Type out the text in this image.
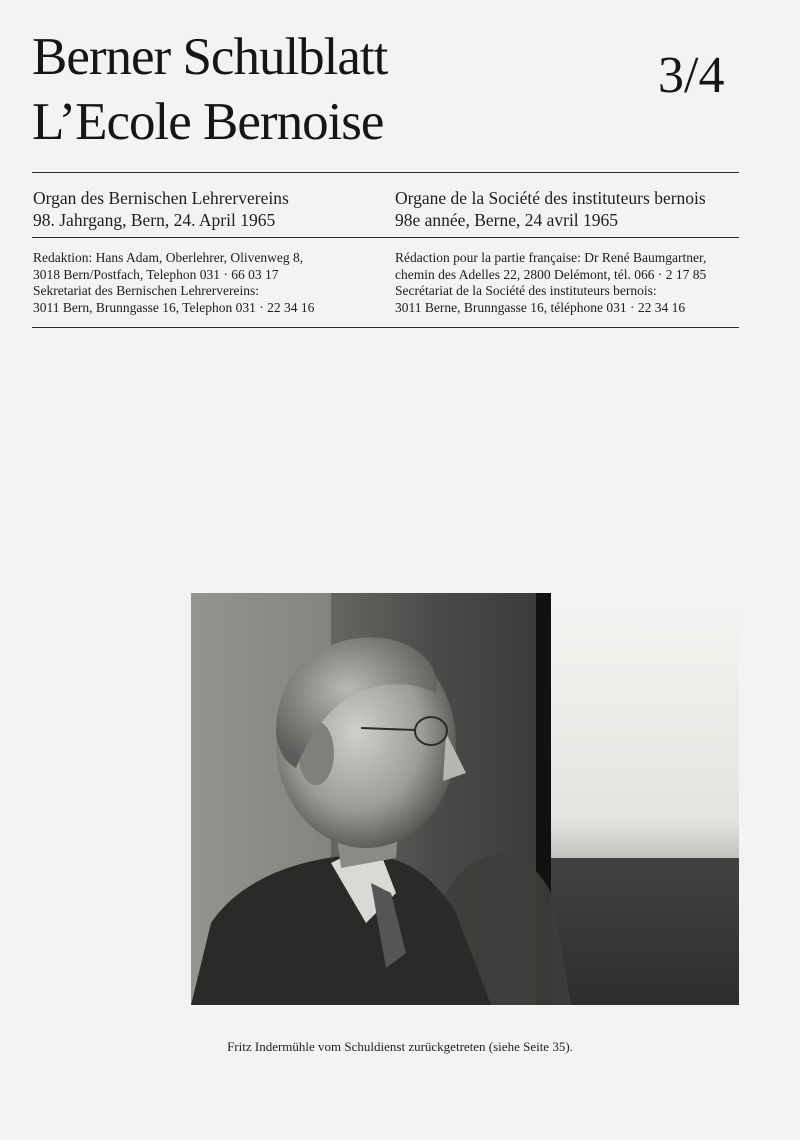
Berner Schulblatt
L’Ecole Bernoise
3/4
Organ des Bernischen Lehrervereins
98. Jahrgang, Bern, 24. April 1965
Organe de la Société des instituteurs bernois
98e année, Berne, 24 avril 1965
Redaktion: Hans Adam, Oberlehrer, Olivenweg 8,
3018 Bern/Postfach, Telephon 031 · 66 03 17
Sekretariat des Bernischen Lehrervereins:
3011 Bern, Brunngasse 16, Telephon 031 · 22 34 16
Rédaction pour la partie française: Dr René Baumgartner,
chemin des Adelles 22, 2800 Delémont, tél. 066 · 2 17 85
Secrétariat de la Société des instituteurs bernois:
3011 Berne, Brunngasse 16, téléphone 031 · 22 34 16
Fritz Indermühle vom Schuldienst zurückgetreten (siehe Seite 35).
